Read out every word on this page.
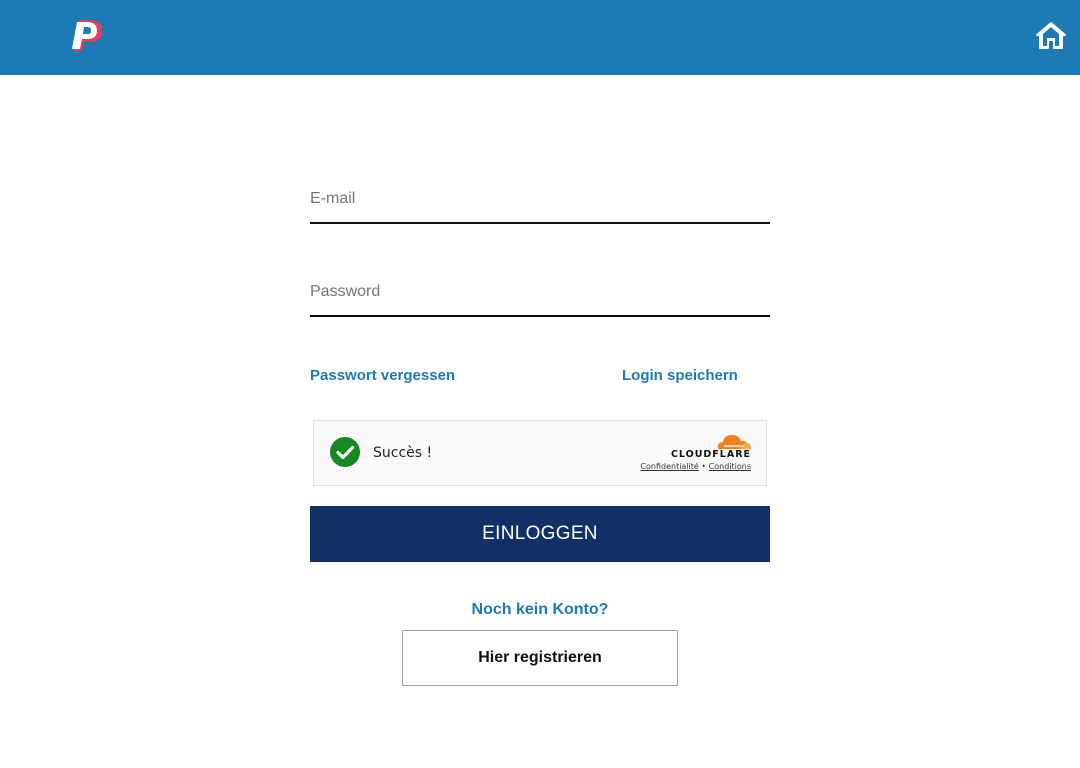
E-mail
Passwort vergessen	Login speichern
Succès !	CLOUDFLARE
Confidentialité • Conditions
EINLOGGEN
Noch kein Konto?
Hier registrieren
